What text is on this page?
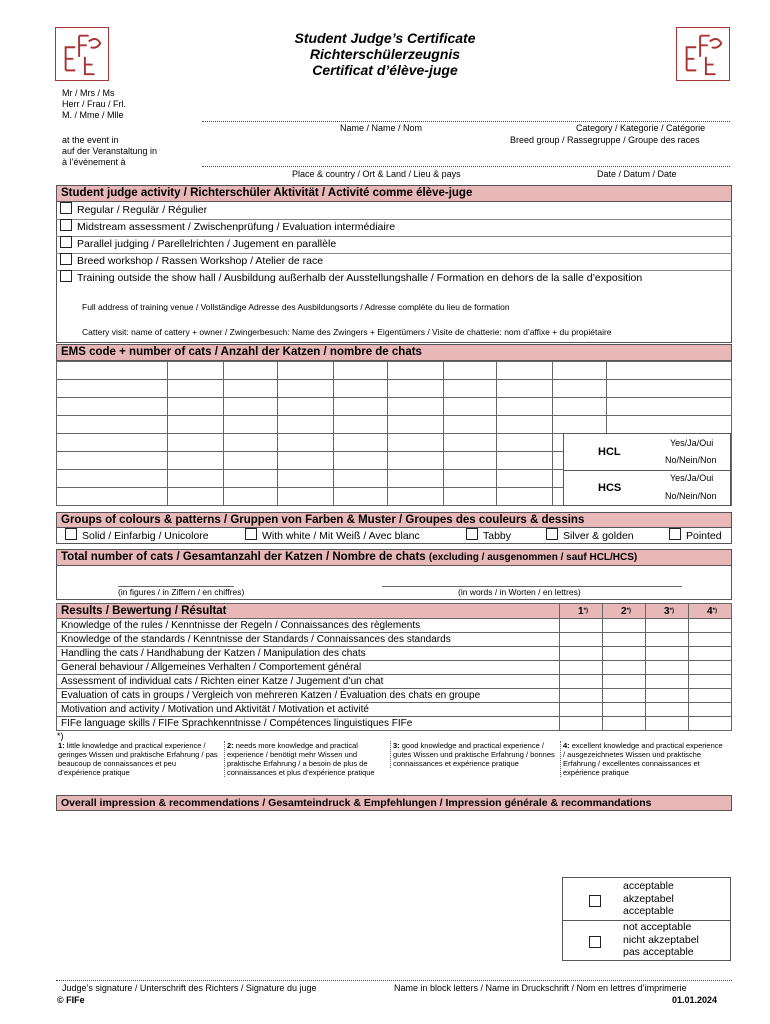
Student Judge’s Certificate
Richterschülerzeugnis
Certificat d’élève-juge
Mr / Mrs / Ms
Herr / Frau / Frl.
M. / Mme / Mlle
Name / Name / Nom	Category / Kategorie / Catégorie
Breed group / Rassegruppe / Groupe des races
at the event in
auf der Veranstaltung in
à l’événement à
Place & country / Ort & Land / Lieu & pays	Date / Datum / Date
Student judge activity / Richterschüler Aktivität / Activité comme élève-juge
Regular / Regulär / Régulier
Midstream assessment / Zwischenprüfung / Evaluation intermédiaire
Parallel judging / Parellelrichten / Jugement en parallèle
Breed workshop / Rassen Workshop / Atelier de race
Training outside the show hall / Ausbildung außerhalb der Ausstellungshalle / Formation en dehors de la salle d’exposition
Full address of training venue / Vollständige Adresse des Ausbildungsorts / Adresse complète du lieu de formation
Cattery visit: name of cattery + owner / Zwingerbesuch: Name des Zwingers + Eigentümers / Visite de chatterie: nom d’affixe + du propiétaire
EMS code + number of cats / Anzahl der Katzen / nombre de chats

HCL
Yes/Ja/Oui
No/Nein/Non
HCS
Yes/Ja/Oui
No/Nein/Non
Groups of colours & patterns / Gruppen von Farben & Muster / Groupes des couleurs & dessins
Solid / Einfarbig / Unicolore	With white / Mit Weiß / Avec blanc	Tabby	Silver & golden	Pointed
Total number of cats / Gesamtanzahl der Katzen / Nombre de chats (excluding / ausgenommen / sauf HCL/HCS)
(in figures / in Ziffern / en chiffres)	(in words / in Worten / en lettres)
Results / Bewertung / Résultat	1*)	2*)	3*)	4*)
Knowledge of the rules / Kenntnisse der Regeln / Connaissances des règlements				
Knowledge of the standards / Kenntnisse der Standards / Connaissances des standards				
Handling the cats / Handhabung der Katzen / Manipulation des chats				
General behaviour / Allgemeines Verhalten / Comportement général				
Assessment of individual cats / Richten einer Katze / Jugement d’un chat				
Evaluation of cats in groups / Vergleich von mehreren Katzen / Évaluation des chats en groupe				
Motivation and activity / Motivation und Aktivität / Motivation et activité				
FIFe language skills / FIFe Sprachkenntnisse / Compétences linguistiques FIFe				
*)
1: little knowledge and practical experience / geringes Wissen und praktische Erfahrung / pas beaucoup de connaissances et peu d’expérience pratique
2: needs more knowledge and practical experience / benötigt mehr Wissen und praktische Erfahrung / a besoin de plus de connaissances et plus d’expérience pratique
3: good knowledge and practical experience / gutes Wissen und praktische Erfahrung / bonnes connaissances et expérience pratique
4: excellent knowledge and practical experience / ausgezeichnetes Wissen und praktische Erfahrung / excellentes connaissances et expérience pratique
Overall impression & recommendations / Gesamteindruck & Empfehlungen / Impression générale & recommandations
acceptable
akzeptabel
acceptable
not acceptable
nicht akzeptabel
pas acceptable
Judge’s signature / Unterschrift des Richters / Signature du juge	Name in block letters / Name in Druckschrift / Nom en lettres d’imprimerie
© FIFe	01.01.2024
